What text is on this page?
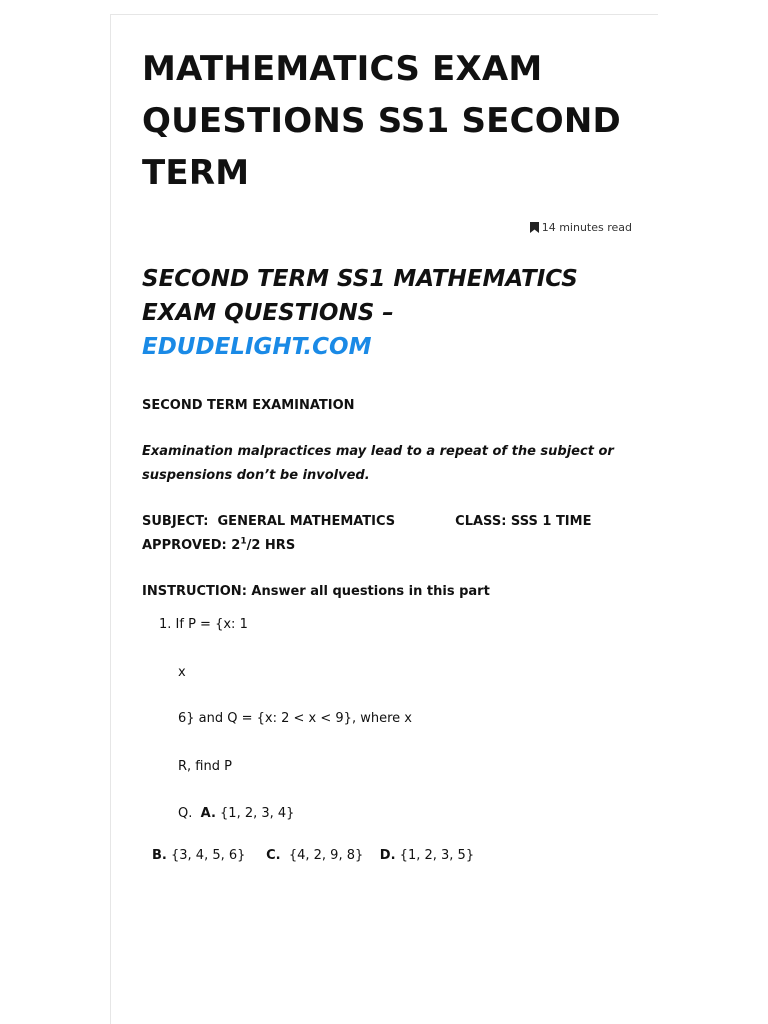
MATHEMATICS EXAM QUESTIONS SS1 SECOND TERM
14 minutes read
SECOND TERM SS1 MATHEMATICS EXAM QUESTIONS –
EDUDELIGHT.COM

SECOND TERM EXAMINATION

Examination malpractices may lead to a repeat of the subject or suspensions don’t be involved.

SUBJECT: GENERAL MATHEMATICS	CLASS: SSS 1 TIME
APPROVED: $2^1/2$ HRS

INSTRUCTION: Answer all questions in this part

1. If P = {x: 1
x
6} and Q = {x: 2 < x < 9}, where x
R, find P
Q. A. {1, 2, 3, 4}
B. {3, 4, 5, 6} C. {4, 2, 9, 8} D. {1, 2, 3, 5}
